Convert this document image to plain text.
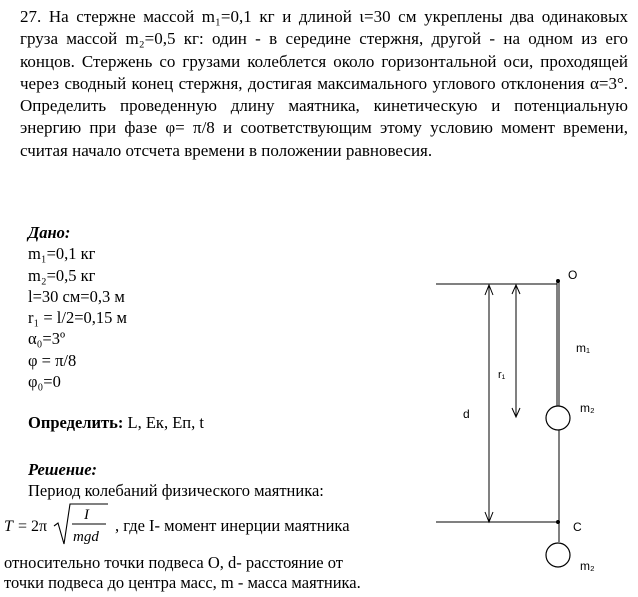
27. На стержне массой m₁=0,1 кг и длиной ι=30 см укреплены два одинаковых груза массой m₂=0,5 кг: один - в середине стержня, другой - на одном из его концов. Стержень со грузами колеблется около горизонтальной оси, проходящей через сводный конец стержня, достигая максимального углового отклонения α=3°. Определить проведенную длину маятника, кинетическую и потенциальную энергию при фазе φ= π/8 и соответствующим этому условию момент времени, считая начало отсчета времени в положении равновесия.
Дано:
m₁=0,1 кг
m₂=0,5 кг
l=30 см=0,3 м
r₁ = l/2=0,15 м
α₀=3º
φ = π/8
φ₀=0
Определить: L, Eк, Eп, t
Решение:
Период колебаний физического маятника:
T = 2π
I
mgd
, где I- момент инерции маятника
относительно точки подвеса O, d- расстояние от
точки подвеса до центра масс, m - масса маятника.
O
m₁
r₁
d	m₂
C
m₂
